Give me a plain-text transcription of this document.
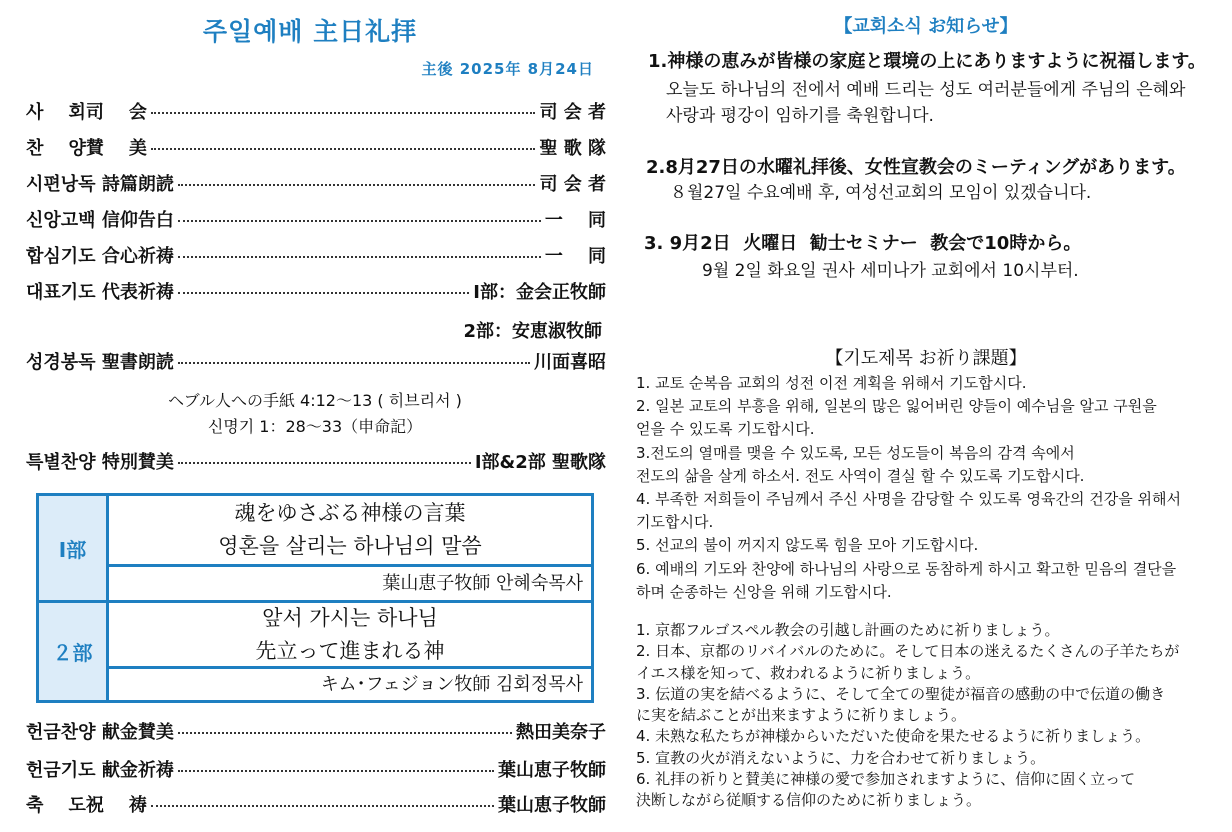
주일예배 主日礼拝
主後 2025年 8月24日
사    회司    会	司 会 者
찬    양賛    美	聖 歌 隊
시편낭독 詩篇朗読	司 会 者
신앙고백 信仰告白	一    同
합심기도 合心祈祷	一    同
대표기도 代表祈祷	Ⅰ部：金会正牧師
2部：安恵淑牧師
성경봉독 聖書朗読	川面喜昭
ヘブル人への手紙 4:12～13 ( 히브리서 )
신명기 1：28～33（申命記）
특별찬양 特別賛美	Ⅰ部&2部 聖歌隊
Ⅰ部
魂をゆさぶる神様の言葉
영혼을 살리는 하나님의 말씀
葉山恵子牧師 안혜숙목사
２部
앞서 가시는 하나님
先立って進まれる神
キム･フェジョン牧師 김회정목사
헌금찬양 献金賛美	熱田美奈子
헌금기도 献金祈祷	葉山恵子牧師
축    도祝    祷	葉山恵子牧師
【교회소식 お知らせ】
1.神様の恵みが皆様の家庭と環境の上にありますように祝福します。
오늘도 하나님의 전에서 예배 드리는 성도 여러분들에게 주님의 은혜와
사랑과 평강이 임하기를 축원합니다.
2.8月27日の水曜礼拝後、女性宣教会のミーティングがあります。
８월27일 수요예배 후, 여성선교회의 모임이 있겠습니다.
3. 9月2日  火曜日  勧士セミナー  教会で10時から。
9월 2일 화요일 권사 세미나가 교회에서 10시부터.
【기도제목 お祈り課題】
1. 교토 순복음 교회의 성전 이전 계획을 위해서 기도합시다.
2. 일본 교토의 부흥을 위해, 일본의 많은 잃어버린 양들이 예수님을 알고 구원을
얻을 수 있도록 기도합시다.
3.전도의 열매를 맺을 수 있도록, 모든 성도들이 복음의 감격 속에서
전도의 삶을 살게 하소서. 전도 사역이 결실 할 수 있도록 기도합시다.
4. 부족한 저희들이 주님께서 주신 사명을 감당할 수 있도록 영육간의 건강을 위해서
기도합시다.
5. 선교의 불이 꺼지지 않도록 힘을 모아 기도합시다.
6. 예배의 기도와 찬양에 하나님의 사랑으로 동참하게 하시고 확고한 믿음의 결단을
하며 순종하는 신앙을 위해 기도합시다.
1. 京都フルゴスペル教会の引越し計画のために祈りましょう。
2. 日本、京都のリバイバルのために。そして日本の迷えるたくさんの子羊たちが
イエス様を知って、救われるように祈りましょう。
3. 伝道の実を結べるように、そして全ての聖徒が福音の感動の中で伝道の働き
に実を結ぶことが出来ますように祈りましょう。
4. 未熟な私たちが神様からいただいた使命を果たせるように祈りましょう。
5. 宣教の火が消えないように、力を合わせて祈りましょう。
6. 礼拝の祈りと賛美に神様の愛で参加されますように、信仰に固く立って
決断しながら従順する信仰のために祈りましょう。
